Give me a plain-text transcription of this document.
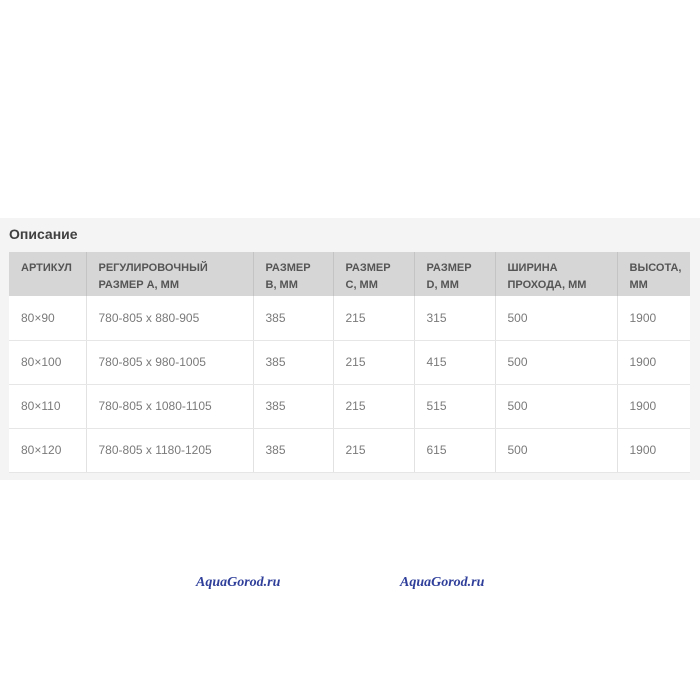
Описание
АРТИКУЛ	РЕГУЛИРОВОЧНЫЙ РАЗМЕР A, ММ	РАЗМЕР B, ММ	РАЗМЕР C, ММ	РАЗМЕР D, ММ	ШИРИНА ПРОХОДА, ММ	ВЫСОТА, ММ
80×90	780-805 x 880-905	385	215	315	500	1900
80×100	780-805 x 980-1005	385	215	415	500	1900
80×110	780-805 x 1080-1105	385	215	515	500	1900
80×120	780-805 x 1180-1205	385	215	615	500	1900
AquaGorod.ru	AquaGorod.ru
